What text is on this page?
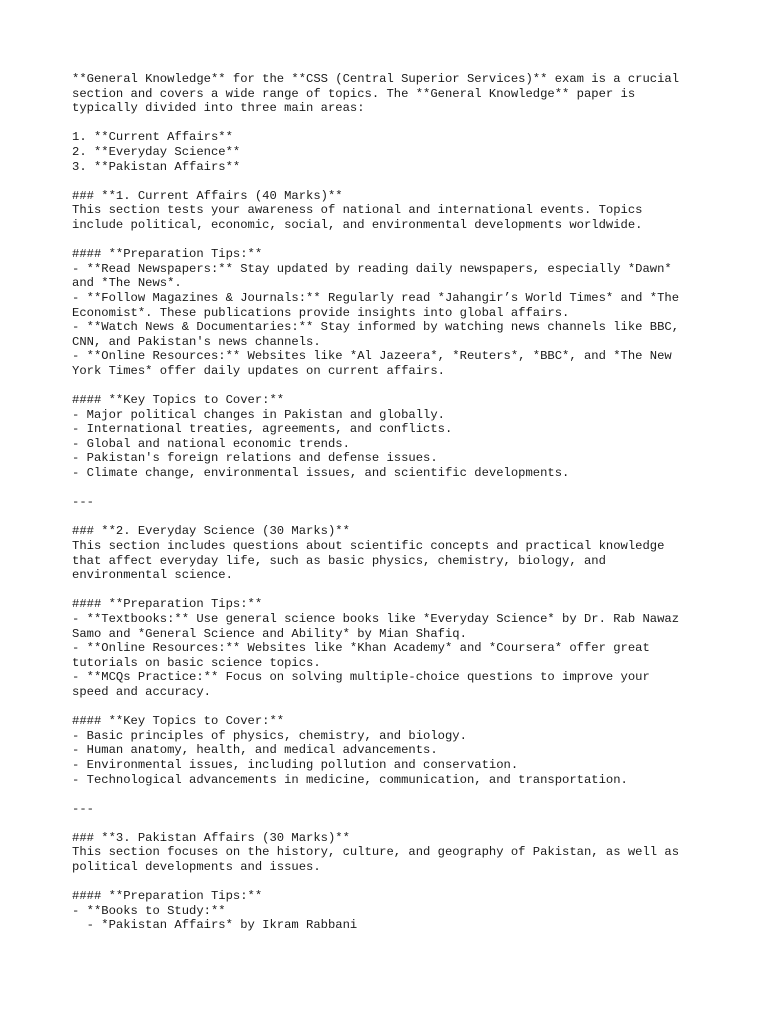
**General Knowledge** for the **CSS (Central Superior Services)** exam is a crucial
section and covers a wide range of topics. The **General Knowledge** paper is
typically divided into three main areas:
1. **Current Affairs**
2. **Everyday Science**
3. **Pakistan Affairs**
### **1. Current Affairs (40 Marks)**
This section tests your awareness of national and international events. Topics
include political, economic, social, and environmental developments worldwide.
#### **Preparation Tips:**
- **Read Newspapers:** Stay updated by reading daily newspapers, especially *Dawn*
and *The News*.
- **Follow Magazines & Journals:** Regularly read *Jahangir’s World Times* and *The
Economist*. These publications provide insights into global affairs.
- **Watch News & Documentaries:** Stay informed by watching news channels like BBC,
CNN, and Pakistan's news channels.
- **Online Resources:** Websites like *Al Jazeera*, *Reuters*, *BBC*, and *The New
York Times* offer daily updates on current affairs.
#### **Key Topics to Cover:**
- Major political changes in Pakistan and globally.
- International treaties, agreements, and conflicts.
- Global and national economic trends.
- Pakistan's foreign relations and defense issues.
- Climate change, environmental issues, and scientific developments.
---
### **2. Everyday Science (30 Marks)**
This section includes questions about scientific concepts and practical knowledge
that affect everyday life, such as basic physics, chemistry, biology, and
environmental science.
#### **Preparation Tips:**
- **Textbooks:** Use general science books like *Everyday Science* by Dr. Rab Nawaz
Samo and *General Science and Ability* by Mian Shafiq.
- **Online Resources:** Websites like *Khan Academy* and *Coursera* offer great
tutorials on basic science topics.
- **MCQs Practice:** Focus on solving multiple-choice questions to improve your
speed and accuracy.
#### **Key Topics to Cover:**
- Basic principles of physics, chemistry, and biology.
- Human anatomy, health, and medical advancements.
- Environmental issues, including pollution and conservation.
- Technological advancements in medicine, communication, and transportation.
---
### **3. Pakistan Affairs (30 Marks)**
This section focuses on the history, culture, and geography of Pakistan, as well as
political developments and issues.
#### **Preparation Tips:**
- **Books to Study:**
- *Pakistan Affairs* by Ikram Rabbani
